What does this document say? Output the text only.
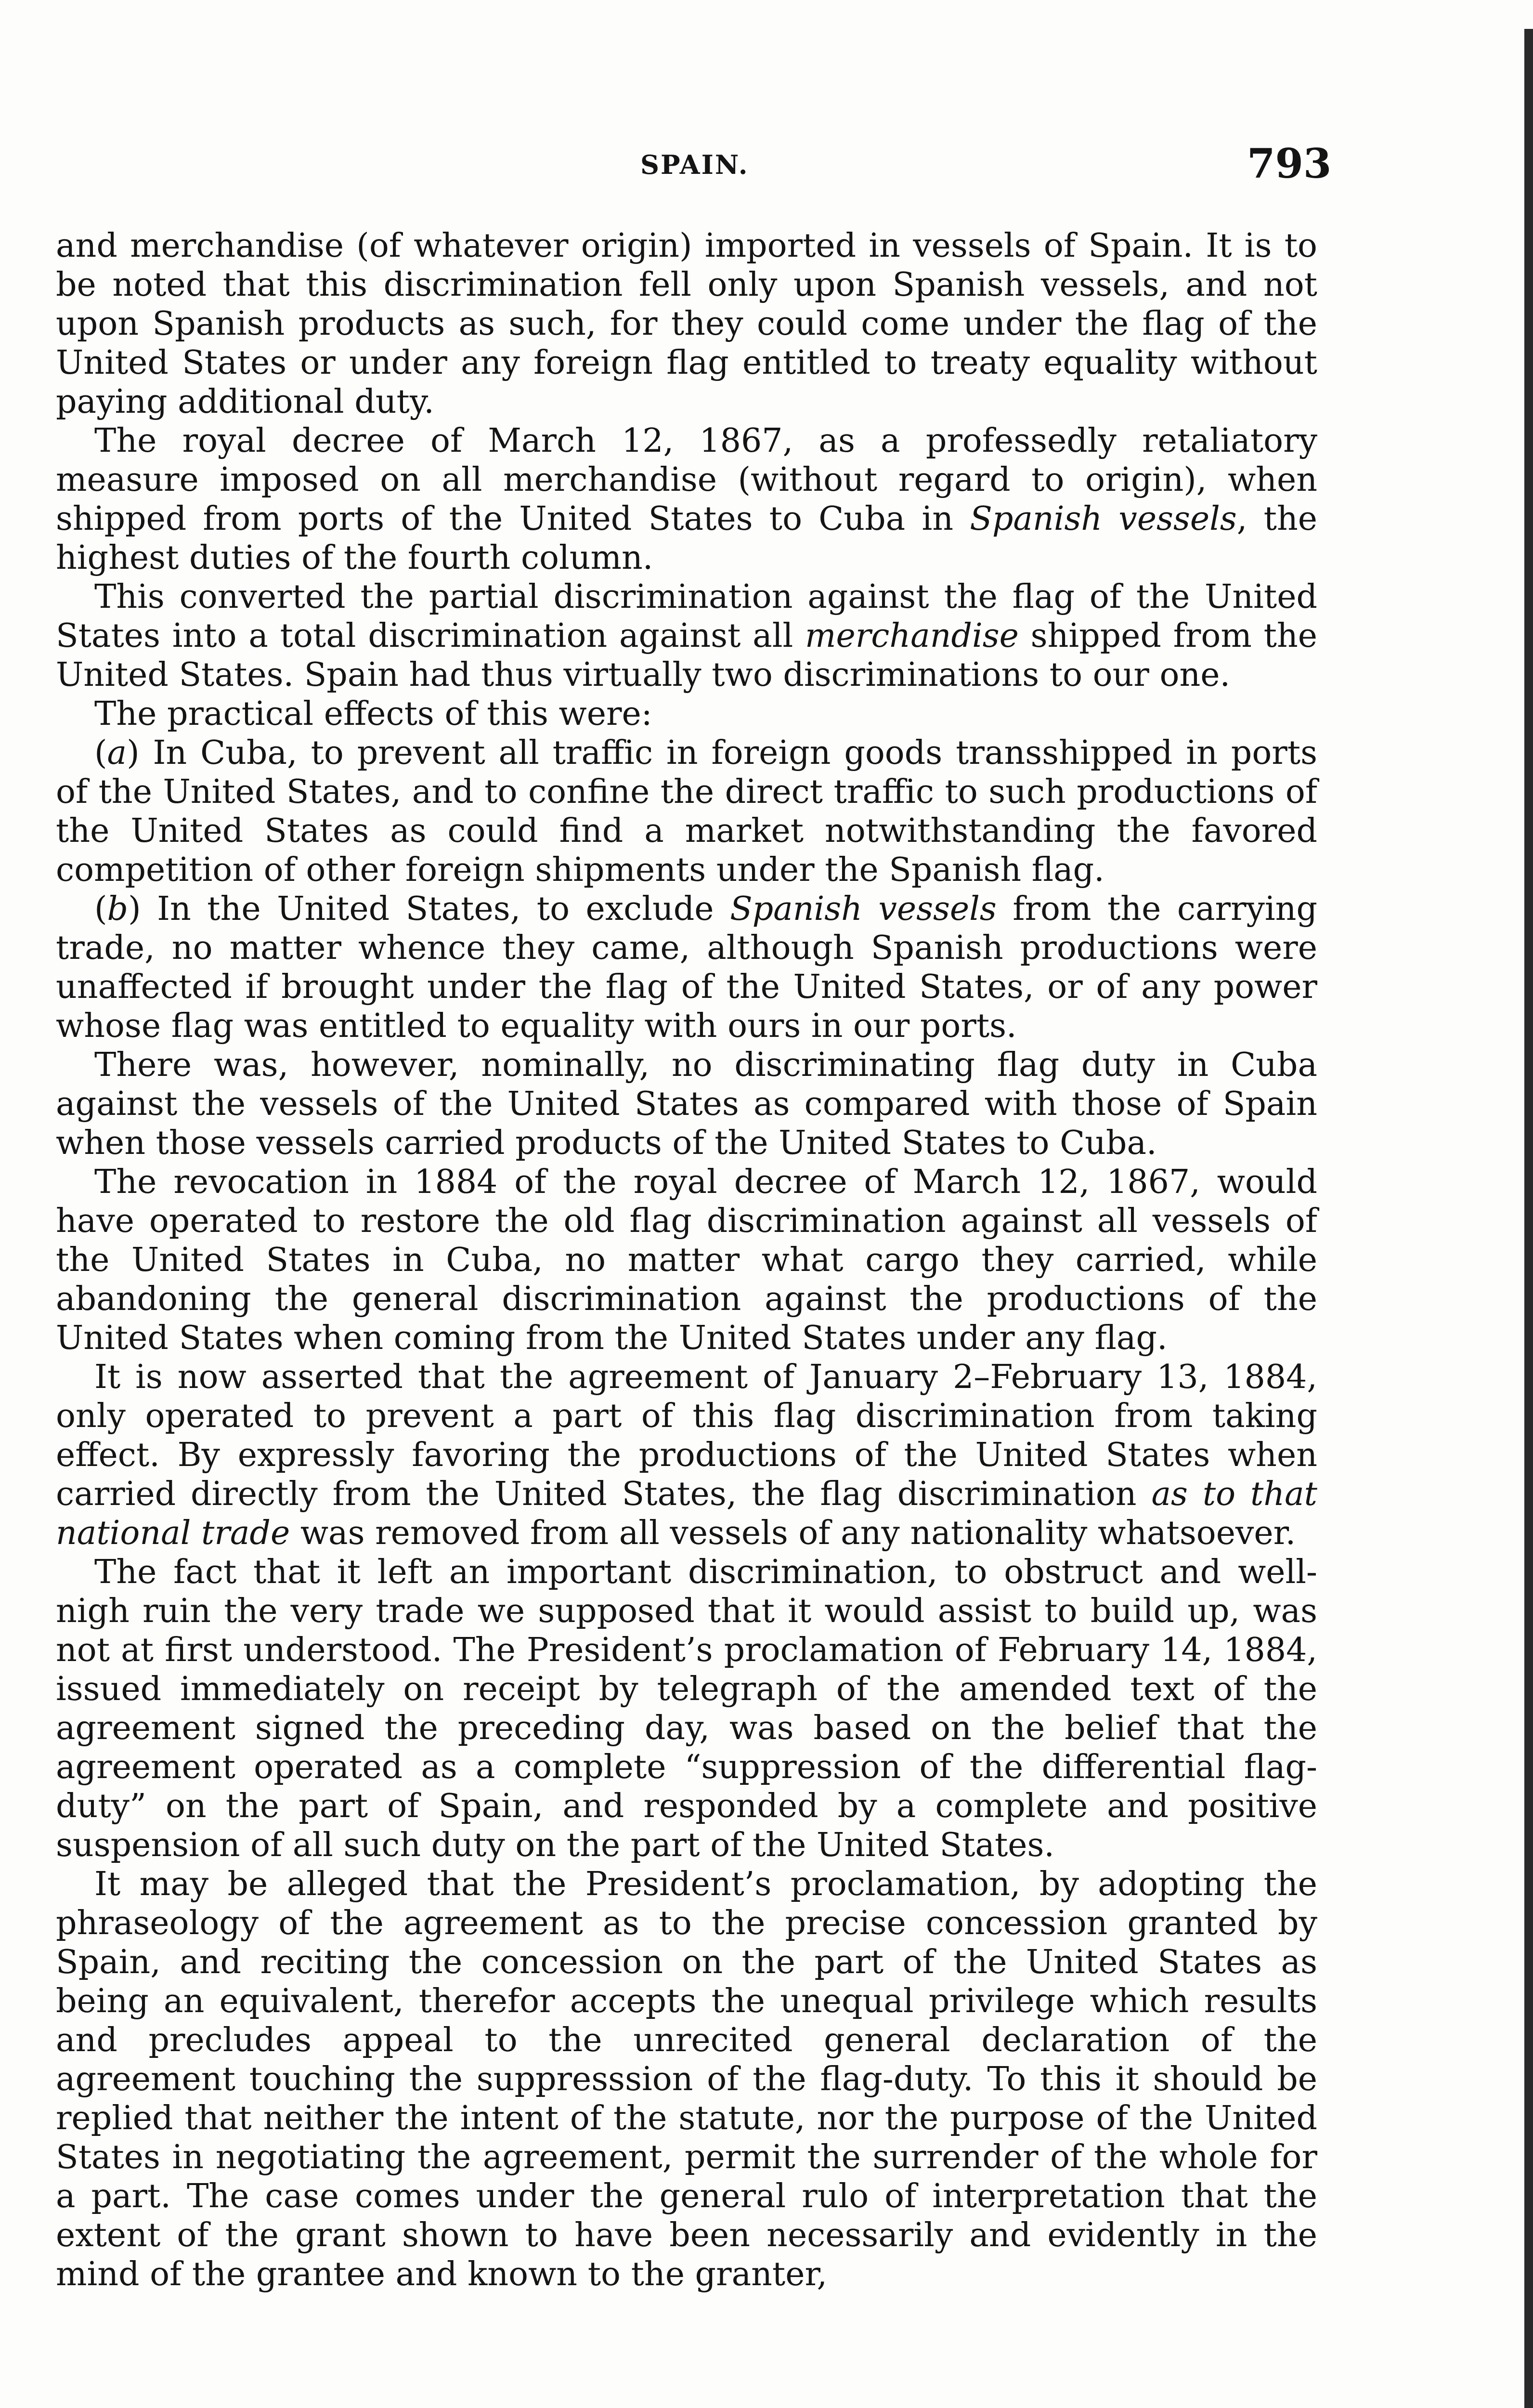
SPAIN.	793

and merchandise (of whatever origin) imported in vessels of Spain. It is to be noted that this discrimination fell only upon Spanish vessels, and not upon Spanish products as such, for they could come under the flag of the United States or under any foreign flag entitled to treaty equality without paying additional duty.

The royal decree of March 12, 1867, as a professedly retaliatory measure imposed on all merchandise (without regard to origin), when shipped from ports of the United States to Cuba in Spanish vessels, the highest duties of the fourth column.

This converted the partial discrimination against the flag of the United States into a total discrimination against all merchandise shipped from the United States. Spain had thus virtually two discriminations to our one.

The practical effects of this were:

(a) In Cuba, to prevent all traffic in foreign goods transshipped in ports of the United States, and to confine the direct traffic to such productions of the United States as could find a market notwithstanding the favored competition of other foreign shipments under the Spanish flag.

(b) In the United States, to exclude Spanish vessels from the carrying trade, no matter whence they came, although Spanish productions were unaffected if brought under the flag of the United States, or of any power whose flag was entitled to equality with ours in our ports.

There was, however, nominally, no discriminating flag duty in Cuba against the vessels of the United States as compared with those of Spain when those vessels carried products of the United States to Cuba.

The revocation in 1884 of the royal decree of March 12, 1867, would have operated to restore the old flag discrimination against all vessels of the United States in Cuba, no matter what cargo they carried, while abandoning the general discrimination against the productions of the United States when coming from the United States under any flag.

It is now asserted that the agreement of January 2–February 13, 1884, only operated to prevent a part of this flag discrimination from taking effect. By expressly favoring the productions of the United States when carried directly from the United States, the flag discrimination as to that national trade was removed from all vessels of any nationality whatsoever.

The fact that it left an important discrimination, to obstruct and well-nigh ruin the very trade we supposed that it would assist to build up, was not at first understood. The President’s proclamation of February 14, 1884, issued immediately on receipt by telegraph of the amended text of the agreement signed the preceding day, was based on the belief that the agreement operated as a complete “suppression of the differential flag-duty” on the part of Spain, and responded by a complete and positive suspension of all such duty on the part of the United States.

It may be alleged that the President’s proclamation, by adopting the phraseology of the agreement as to the precise concession granted by Spain, and reciting the concession on the part of the United States as being an equivalent, therefor accepts the unequal privilege which results and precludes appeal to the unrecited general declaration of the agreement touching the suppresssion of the flag-duty. To this it should be replied that neither the intent of the statute, nor the purpose of the United States in negotiating the agreement, permit the surrender of the whole for a part. The case comes under the general rulo of interpretation that the extent of the grant shown to have been necessarily and evidently in the mind of the grantee and known to the granter,
